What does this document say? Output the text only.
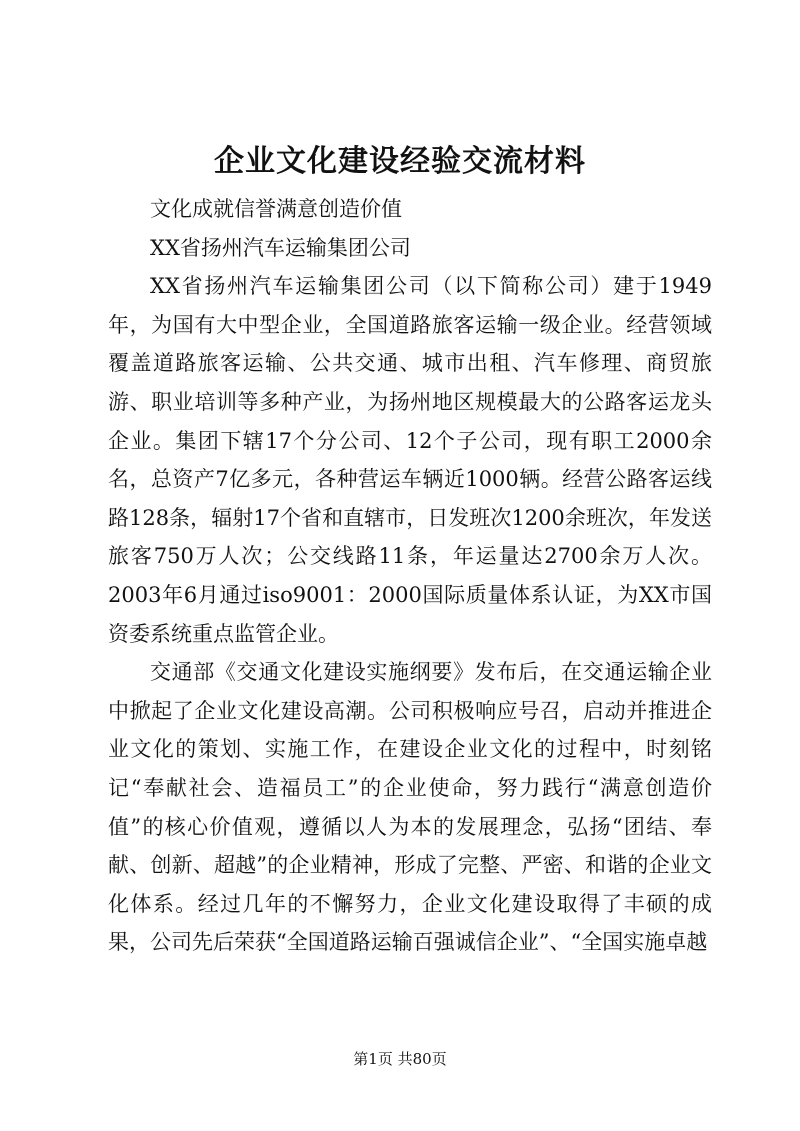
企业文化建设经验交流材料

文化成就信誉满意创造价值

XX省扬州汽车运输集团公司

XX省扬州汽车运输集团公司（以下简称公司）建于1949年，为国有大中型企业，全国道路旅客运输一级企业。经营领域覆盖道路旅客运输、公共交通、城市出租、汽车修理、商贸旅游、职业培训等多种产业，为扬州地区规模最大的公路客运龙头企业。集团下辖17个分公司、12个子公司，现有职工2000余名，总资产7亿多元，各种营运车辆近1000辆。经营公路客运线路128条，辐射17个省和直辖市，日发班次1200余班次，年发送旅客750万人次；公交线路11条，年运量达2700余万人次。2003年6月通过iso9001：2000国际质量体系认证，为XX市国资委系统重点监管企业。

交通部《交通文化建设实施纲要》发布后，在交通运输企业中掀起了企业文化建设高潮。公司积极响应号召，启动并推进企业文化的策划、实施工作，在建设企业文化的过程中，时刻铭记“奉献社会、造福员工”的企业使命，努力践行“满意创造价值”的核心价值观，遵循以人为本的发展理念，弘扬“团结、奉献、创新、超越”的企业精神，形成了完整、严密、和谐的企业文化体系。经过几年的不懈努力，企业文化建设取得了丰硕的成果，公司先后荣获“全国道路运输百强诚信企业”、“全国实施卓越

第1页 共80页
